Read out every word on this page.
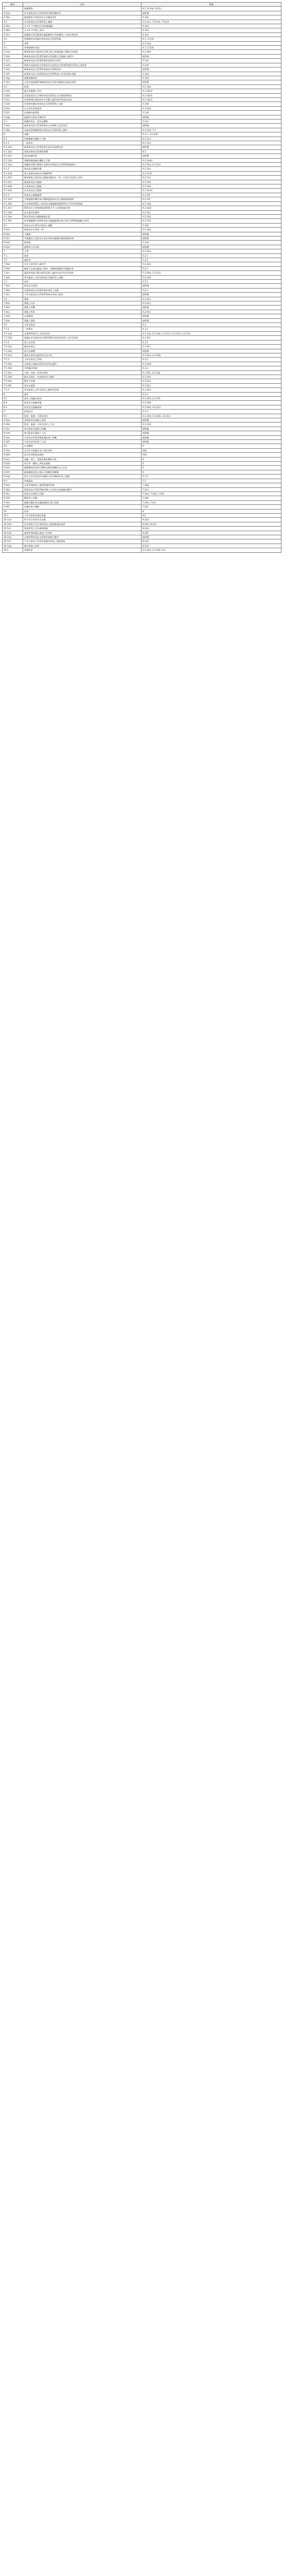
條款	內容	對應
4	組織環境	8.3, 8.5(a), 8.5(c)
4.2(a)	界定與資訊安全管理系統有關的關係者	無對應
4.2(b)	確認關係方與資訊安全有關的要求	4.2(b)
4.3	決定資訊安全管理系統之範圍	5.2.1(c), 7.5(c)4, 7.5(c)5
4.3(a)	含 4.1 中考量內外部有關議題	4.2(a)
4.3(b)	含 4.2 中所提之要求	4.2(a)
4.3(c)	組織執行的活動與其他組織執行的活動間之介面及相依性	4.2(a)
4.4	建置維持並持續改善資訊安全管理系統	4.1, 5.1(d)
5	領導	4.3.1(a)
5.1	領導階層和承諾	4.1, 5.1(d)
5.1(a)	確保資訊安全政策及目標已建立並與組織之策略方向相容	4.2.1(b)
5.1(b)	確保資訊安全管理系統要求事項整合至組織之過程中	無對應
5.1(c)	確保資訊安全管理系統所需資源可取得	5.1(e)
5.1(d)	傳達有效資訊安全管理及符合資訊安全管理系統要求事項之重要性	5.1(d)
5.1(e)	確保資訊安全管理系統達成其預期成果	無對應
5.1(f)	指導並支持人員對資訊安全管理系統之有效性做出貢獻	5.1(d)
5.1(g)	推動持續改善	5.1(d)
5.1(h)	支持其他相關管理階層角色於其責任範圍內展現其領導	無對應
5.2	政策	4.2.1(b)
5.2(a)	適合於組織之目的	4.2.1(b)3
5.2(b)	包括資訊安全目標或為設定資訊安全目標提供框架	4.2.1(b)1
5.2(c)	包括對滿足與資訊安全有關之適用要求事項的承諾	4.2.1(b)2
5.2(d)	包括對持續改善資訊安全管理系統之承諾	5.1(d)
5.2(e)	以文件化資訊提供	4.3.1(a)
5.2(f)	於組織內部傳達	5.1(d)
5.2(g)	適當時可提供予關係者	無對應
5.3	組織的角色、責任及權限	5.1(c)
5.3(a)	確保資訊安全管理系統符合本標準之要求事項	無對應
5.3(b)	向最高管理階層報告資訊安全管理系統之績效	4.2.3(d), 7.1
6	規劃	4.2.1, 4.2.3(d)
6.1	因應風險及機會之行動	4.2.1(c)
6.1.1	一般要求	4.2.1(c)
6.1.1(a)	確保資訊安全管理系統可達成其預期結果	無對應
6.1.1(b)	預防或降低非預期的影響	8.3
6.1.1(c)	達成持續改善	無對應
6.1.1(d)	規劃因應風險及機會之行動	4.2.1(e)4
6.1.1(e)	規劃如何將行動整合並實作於資訊安全管理系統過程中	4.2.2(a), 4.2.2(c)
6.1.2	資訊安全風險評鑑	4.2.1(c)
6.1.2(a)	建立並維持資訊安全風險準則	4.2.1(c)2
6.1.2(b)	確保重複之資訊安全風險評鑑產生一致、有效及可比較之結果	4.2.1(c)
6.1.2(c)	識別資訊安全風險	4.2.1(d)
6.1.2(d)	分析資訊安全風險	4.2.1(e)
6.1.2(e)	評估資訊安全風險	4.2.1(e)4
6.1.3	資訊安全風險處理	4.2.1(f)
6.1.3(a)	考量風險評鑑結果以選擇適當資訊安全風險處理選項	4.2.1(f)
6.1.3(b)	決定實施所選定之資訊安全風險處理選項所需之所有控制措施	4.2.1(g)
6.1.3(c)	將所決定之控制措施與附錄 A 中之控制措施比較	4.2.1(j)1
6.1.3(d)	產生適用性聲明	4.2.1(j)
6.1.3(e)	制定資訊安全風險處理計畫	4.2.2(a)
6.1.3(f)	取得風險擁有者對資訊安全風險處理計畫之核可及對剩餘風險之接受	4.2.1(h)
6.2	資訊安全目標及其達成之規劃	5.1(b)
6.2(a)	與資訊安全政策一致	4.2.1(b)
6.2(b)	可量測	無對應
6.2(c)	考量適用之資訊安全要求事項及風險評鑑與處理結果	無對應
6.2(d)	被傳達	5.1(d)
6.2(e)	適當時予以更新	無對應
7	支援	4.3.1(a)
7.1	資源	5.2.1
7.2	適任性	5.2.2
7.2(a)	決定人員所需之適任性	5.2.2(a)
7.2(b)	確保人員基於適當之教育、訓練或經驗而具備適任性	5.2.2
7.2(c)	適用時採取行動以取得必要之適任性並評估其有效性	5.2.2(b), 5.2.2(c)
7.2(d)	保存適當之文件化資訊作為適任性之證據	5.2.2(d)
7.3	認知	5.2.2
7.3(a)	資訊安全政策	無對應
7.3(b)	其對資訊安全管理系統有效性之貢獻	5.2.2
7.3(c)	不符合資訊安全管理系統要求事項之後果	無對應
7.4	溝通	4.2.4(c)
7.4(a)	溝通之內容	4.2.4(c)
7.4(b)	溝通之時機	無對應
7.4(c)	溝通之對象	4.2.4(c)
7.4(d)	由誰溝通	無對應
7.4(e)	溝通之過程	無對應
7.5	文件化資訊	4.3
7.5.1	一般要求	4.3.1
7.5.1(a)	本標準所要求之文件化資訊	4.3.1(a), 4.3.1(b), 4.3.1(c), 4.3.1(d), 4.3.1(h)
7.5.1(b)	組織決定為資訊安全管理系統有效性所必要之文件化資訊	4.3.1(i)
7.5.2	建立及更新	4.3.2
7.5.2(a)	識別及敘述	4.3.2(i)
7.5.2(b)	格式及媒體	無對應
7.5.2(c)	審查及核准其適切性及充分性	4.3.2(a), 4.3.2(b)
7.5.3	文件化資訊之管制	4.3.2
7.5.3(a)	在需要之地點及時間可取得並適用	4.3.2(d)
7.5.3(b)	受到適切保護	4.3.3
7.5.3(c)	分發、存取、取得及使用	4.3.2(f), 4.3.2(g)
7.5.3(d)	儲存及保存，包括維持其可讀性	4.3.2(e)
7.5.3(e)	變更之管制	4.3.2(c)
7.5.3(f)	保存及處置	4.3.2(j)
7.5.3	外部來源之文件化資訊之識別及管制	4.3.2(h)
8	運作	4.2.2
8.1	運作之規劃及控制	4.2.2(d), 4.2.2(f)
8.2	資訊安全風險評鑑	4.2.3(d)
8.3	資訊安全風險處理	4.2.2(b), 4.2.2(c)
9	績效評估	4.2.3
9.1	監督、量測、分析及評估	4.2.2(d), 4.2.3(b), 4.2.3(c)
9.1(a)	需要監督及量測之事項	無對應
9.1(b)	監督、量測、分析及評估之方法	4.2.2(d)
9.1(c)	執行監督及量測之時機	無對應
9.1(d)	執行監督及量測之人員	無對應
9.1(e)	分析及評估監督與量測結果之時機	無對應
9.1(f)	分析及評估結果之人員	無對應
9.2	內部稽核	6
9.2(a)	是否符合組織自身之要求事項	6(b)
9.2(b)	是否有效實施及維持	6(d)
9.2(c)	規劃、建立、實施及維持稽核方案	6
9.2(d)	界定每一稽核之準則及範圍	6
9.2(e)	選擇稽核員並執行稽核以確保客觀性及公正性	6
9.2(f)	確保稽核結果已報告予相關管理階層	6
9.2(g)	保存文件化資訊作為稽核方案及稽核結果之證據	4.3.3
9.3	管理審查	7.1
9.3(a)	先前管理審查之處理措施的狀態	7.2(g)
9.3(b)	與資訊安全管理系統有關之外部及內部議題的變更	7.2(c)
9.3(c)	資訊安全績效之回饋	7.2(a), 7.2(b), 7.2(f)
9.3(d)	關係者之回饋	7.2(b)
9.3(e)	風險評鑑結果及風險處理計畫之狀態	7.2(e), 7.2(i)
9.3(f)	持續改善之機會	7.2(i)
10	改善	8
10.1	不符合事項及矯正措施	8.2
10.1(a)	對不符合事項作出反應	8.2(a)
10.1(b)	評估消除不符合事項原因之處理措施的需要	8.2(b), 8.2(c)
10.1(c)	實施所需之任何處理措施	8.2(d)
10.1(d)	審查所採取矯正措施之有效性	8.2(f)
10.1(e)	必要時對資訊安全管理系統進行變更	無對應
10.1(f)	不符合事項之性質及後續所採取之處理措施	8.2(e)
10.1(g)	矯正措施之結果	8.2(e)
10.2	持續改善	4.2.4(a), 4.2.4(b), 8.1
